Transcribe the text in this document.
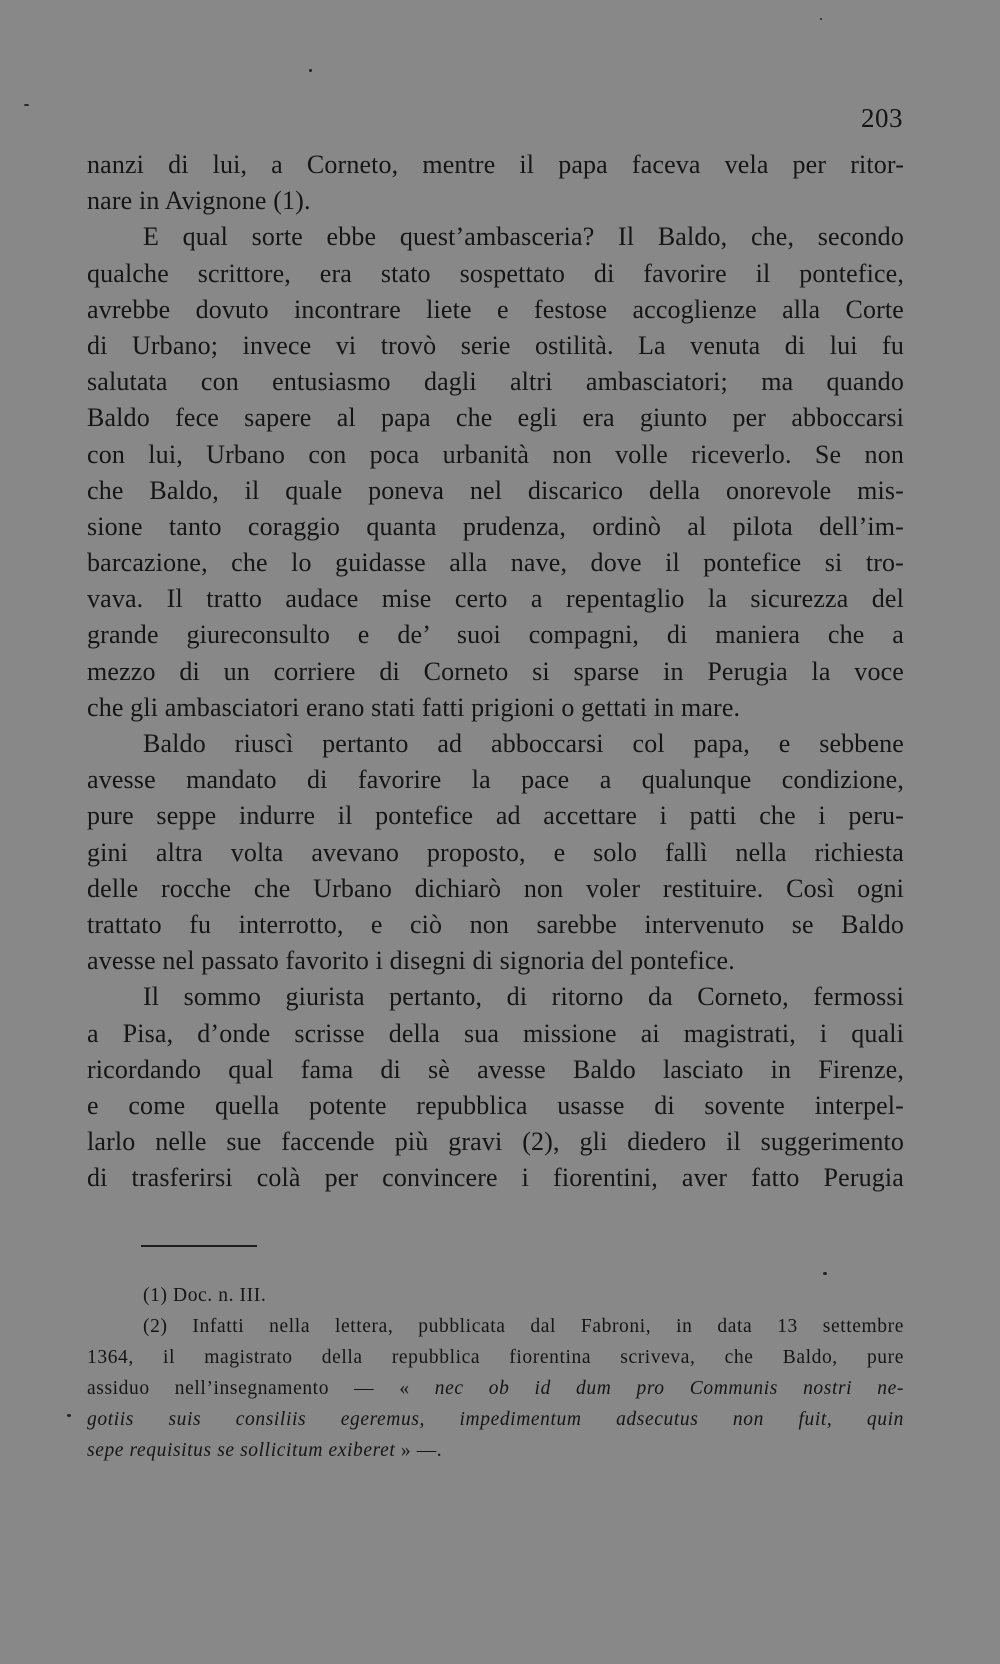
203
nanzi di lui, a Corneto, mentre il papa faceva vela per ritor-
nare in Avignone (1).
E qual sorte ebbe quest’ambasceria? Il Baldo, che, secondo
qualche scrittore, era stato sospettato di favorire il pontefice,
avrebbe dovuto incontrare liete e festose accoglienze alla Corte
di Urbano; invece vi trovò serie ostilità. La venuta di lui fu
salutata con entusiasmo dagli altri ambasciatori; ma quando
Baldo fece sapere al papa che egli era giunto per abboccarsi
con lui, Urbano con poca urbanità non volle riceverlo. Se non
che Baldo, il quale poneva nel discarico della onorevole mis-
sione tanto coraggio quanta prudenza, ordinò al pilota dell’im-
barcazione, che lo guidasse alla nave, dove il pontefice si tro-
vava. Il tratto audace mise certo a repentaglio la sicurezza del
grande giureconsulto e de’ suoi compagni, di maniera che a
mezzo di un corriere di Corneto si sparse in Perugia la voce
che gli ambasciatori erano stati fatti prigioni o gettati in mare.
Baldo riuscì pertanto ad abboccarsi col papa, e sebbene
avesse mandato di favorire la pace a qualunque condizione,
pure seppe indurre il pontefice ad accettare i patti che i peru-
gini altra volta avevano proposto, e solo fallì nella richiesta
delle rocche che Urbano dichiarò non voler restituire. Così ogni
trattato fu interrotto, e ciò non sarebbe intervenuto se Baldo
avesse nel passato favorito i disegni di signoria del pontefice.
Il sommo giurista pertanto, di ritorno da Corneto, fermossi
a Pisa, d’onde scrisse della sua missione ai magistrati, i quali
ricordando qual fama di sè avesse Baldo lasciato in Firenze,
e come quella potente repubblica usasse di sovente interpel-
larlo nelle sue faccende più gravi (2), gli diedero il suggerimento
di trasferirsi colà per convincere i fiorentini, aver fatto Perugia
(1) Doc. n. III.
(2) Infatti nella lettera, pubblicata dal Fabroni, in data 13 settembre
1364, il magistrato della repubblica fiorentina scriveva, che Baldo, pure
assiduo nell’insegnamento — « nec ob id dum pro Communis nostri ne-
gotiis suis consiliis egeremus, impedimentum adsecutus non fuit, quin
sepe requisitus se sollicitum exiberet » —.
